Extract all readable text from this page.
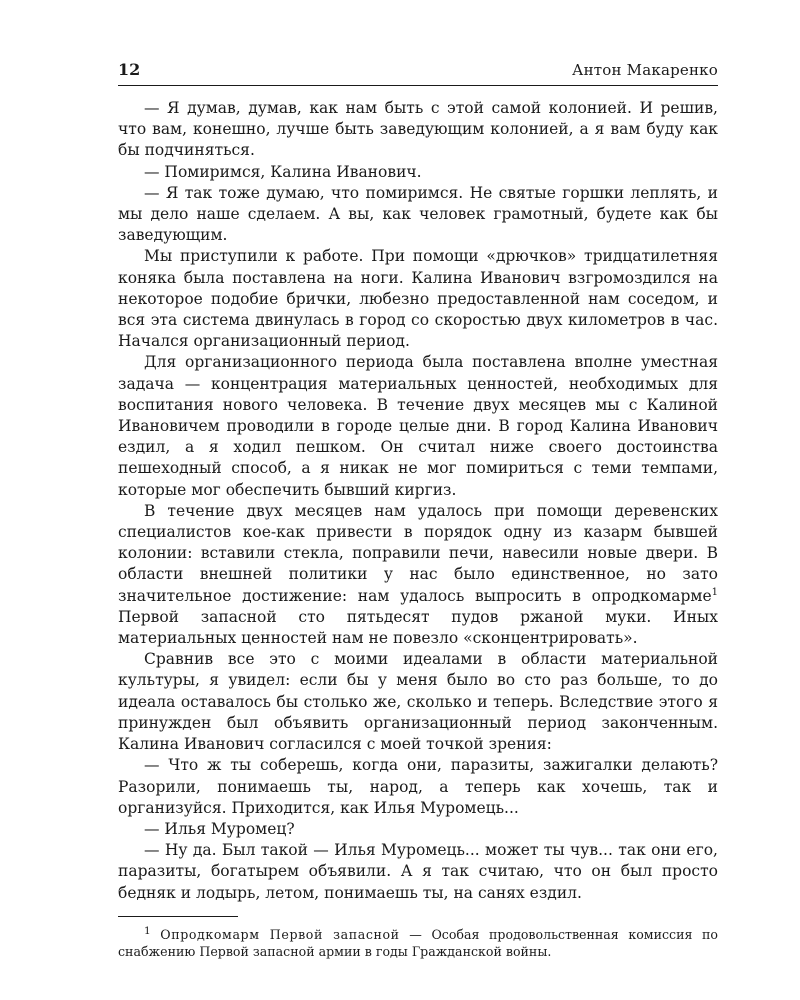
12	Антон Макаренко

— Я думав, думав, как нам быть с этой самой колонией. И решив, что вам, конешно, лучше быть заведующим колонией, а я вам буду как бы подчиняться.

— Помиримся, Калина Иванович.

— Я так тоже думаю, что помиримся. Не святые горшки леплять, и мы дело наше сделаем. А вы, как человек грамотный, будете как бы заведующим.

Мы приступили к работе. При помощи «дрючков» тридцатилетняя коняка была поставлена на ноги. Калина Иванович взгромоздился на некоторое подобие брички, любезно предоставленной нам соседом, и вся эта система двинулась в город со скоростью двух километров в час. Начался организационный период.

Для организационного периода была поставлена вполне уместная задача — концентрация материальных ценностей, необходимых для воспитания нового человека. В течение двух месяцев мы с Калиной Ивановичем проводили в городе целые дни. В город Калина Иванович ездил, а я ходил пешком. Он считал ниже своего достоинства пешеходный способ, а я никак не мог помириться с теми темпами, которые мог обеспечить бывший киргиз.

В течение двух месяцев нам удалось при помощи деревенских специалистов кое-как привести в порядок одну из казарм бывшей колонии: вставили стекла, поправили печи, навесили новые двери. В области внешней политики у нас было единственное, но зато значительное достижение: нам удалось выпросить в опродкомарме$^1$ Первой запасной сто пятьдесят пудов ржаной муки. Иных материальных ценностей нам не повезло «сконцентрировать».

Сравнив все это с моими идеалами в области материальной культуры, я увидел: если бы у меня было во сто раз больше, то до идеала оставалось бы столько же, сколько и теперь. Вследствие этого я принужден был объявить организационный период законченным. Калина Иванович согласился с моей точкой зрения:

— Что ж ты соберешь, когда они, паразиты, зажигалки делають? Разорили, понимаешь ты, народ, а теперь как хочешь, так и организуйся. Приходится, как Илья Муромець...

— Илья Муромец?

— Ну да. Был такой — Илья Муромець... может ты чув... так они его, паразиты, богатырем объявили. А я так считаю, что он был просто бедняк и лодырь, летом, понимаешь ты, на санях ездил.

$^1$ Опродкомарм Первой запасной — Особая продовольственная комиссия по снабжению Первой запасной армии в годы Гражданской войны.
